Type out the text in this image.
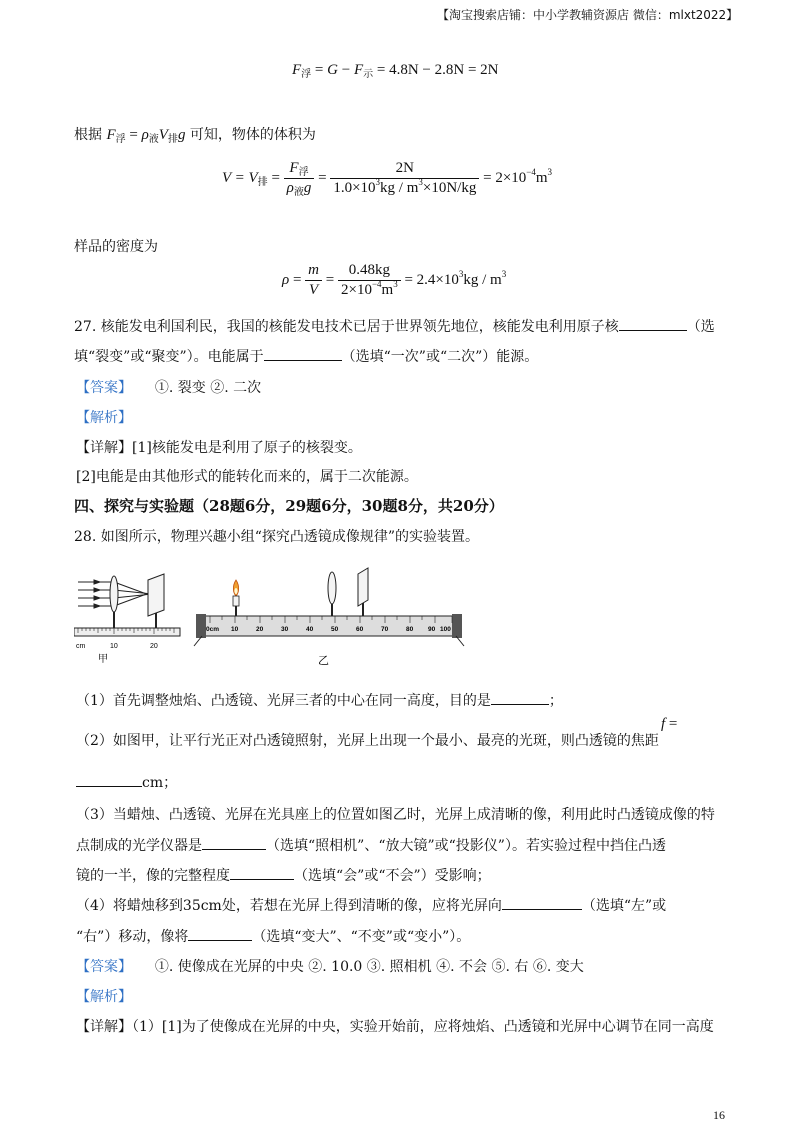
【淘宝搜索店铺：中小学教辅资源店 微信：mlxt2022】
$F_浮 = G - F_示 = 4.8N - 2.8N = 2N$
根据 $F_浮 = \rho_液V_排g$ 可知，物体的体积为
$V = V_排 = \frac{F_浮}{\rho_液g} = \frac{2N}{1.0\times 10^3kg / m^3\times 10N/kg} = 2\times 10^{-4}m^3$
样品的密度为
$\rho = \frac{m}{V} = \frac{0.48kg}{2\times 10^{-4}m^3} = 2.4\times 10^3kg / m^3$
27. 核能发电利国利民，我国的核能发电技术已居于世界领先地位，核能发电利用原子核	（选
填“裂变”或“聚变”）。电能属于	（选填“一次”或“二次”）能源。
【答案】 ①. 裂变 ②. 二次
【解析】
【详解】[1]核能发电是利用了原子的核裂变。
[2]电能是由其他形式的能转化而来的，属于二次能源。
四、探究与实验题（28题6分，29题6分，30题8分，共20分）
28. 如图所示，物理兴趣小组“探究凸透镜成像规律”的实验装置。
cm	10	20
甲
0cm 10	20	30	40	50	60	70	80 90 100
乙
（1）首先调整烛焰、凸透镜、光屏三者的中心在同一高度，目的是	；
（2）如图甲，让平行光正对凸透镜照射，光屏上出现一个最小、最亮的光斑，则凸透镜的焦距
f =
cm；
（3）当蜡烛、凸透镜、光屏在光具座上的位置如图乙时，光屏上成清晰的像，利用此时凸透镜成像的特
点制成的光学仪器是	（选填“照相机”、“放大镜”或“投影仪”）。若实验过程中挡住凸透
镜的一半，像的完整程度	（选填“会”或“不会”）受影响；
（4）将蜡烛移到35cm处，若想在光屏上得到清晰的像，应将光屏向	（选填“左”或
“右”）移动，像将	（选填“变大”、“不变”或“变小”）。
【答案】 ①. 使像成在光屏的中央 ②. 10.0 ③. 照相机 ④. 不会 ⑤. 右 ⑥. 变大
【解析】
【详解】（1）[1]为了使像成在光屏的中央，实验开始前，应将烛焰、凸透镜和光屏中心调节在同一高度
16
